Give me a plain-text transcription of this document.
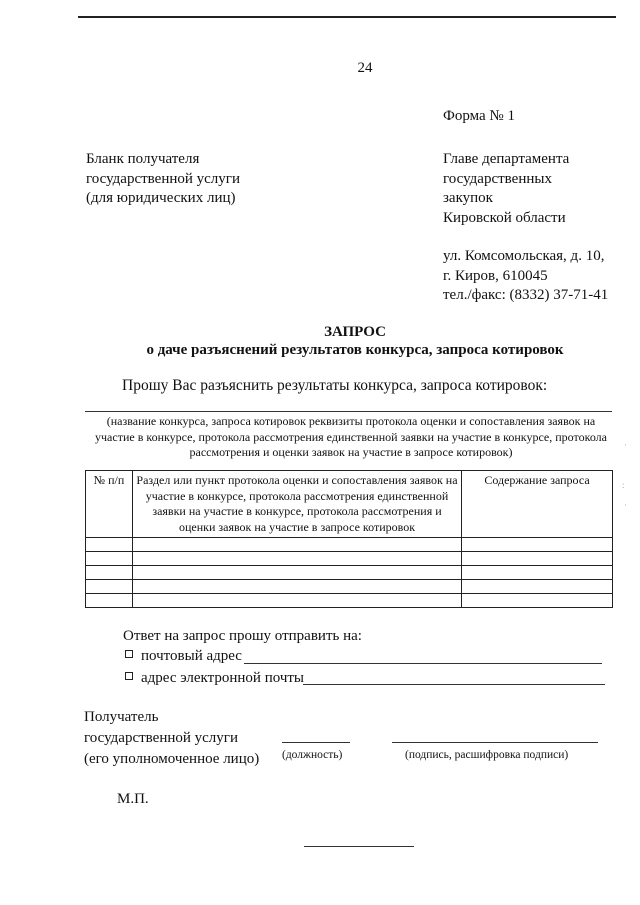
24
Форма № 1
Бланк получателя
государственной услуги
(для юридических лиц)
Главе департамента
государственных
закупок
Кировской области
ул. Комсомольская, д. 10,
г. Киров, 610045
тел./факс: (8332) 37-71-41
ЗАПРОС
о даче разъяснений результатов конкурса, запроса котировок
Прошу Вас разъяснить результаты конкурса, запроса котировок:
(название конкурса, запроса котировок реквизиты протокола оценки и сопоставления заявок на участие в конкурсе, протокола рассмотрения единственной заявки на участие в конкурсе, протокола рассмотрения и оценки заявок на участие в запросе котировок)
№ п/п	Раздел или пункт протокола оценки и сопоставления заявок на участие в конкурсе, протокола рассмотрения единственной заявки на участие в конкурсе, протокола рассмотрения и оценки заявок на участие в запросе котировок	Содержание запроса

Ответ на запрос прошу отправить на:
почтовый адрес
адрес электронной почты
Получатель
государственной услуги
(его уполномоченное лицо) (должность)	(подпись, расшифровка подписи)
М.П.
·
:
·
